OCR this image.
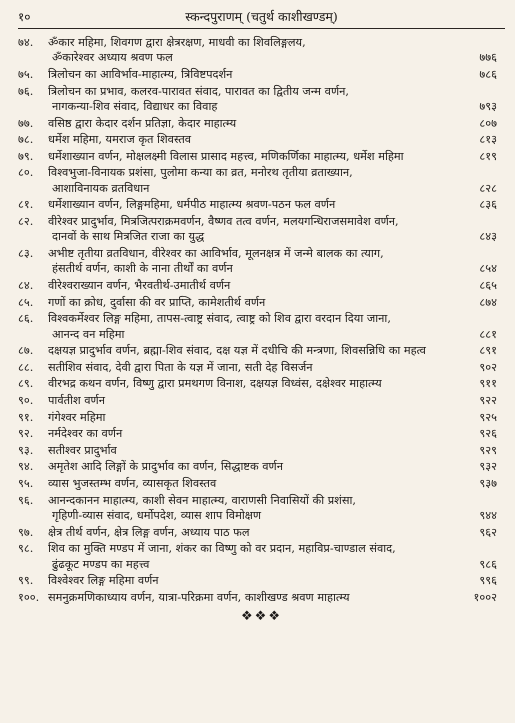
१०	स्कन्दपुराणम् (चतुर्थ काशीखण्डम्)
७४. ॐकार महिमा, शिवगण द्वारा क्षेत्ररक्षण, माधवी का शिवलिङ्गलय,
ॐकारेश्वर अध्याय श्रवण फल	७७६
७५. त्रिलोचन का आविर्भाव-माहात्म्य, त्रिविष्टपदर्शन	७८६
७६. त्रिलोचन का प्रभाव, कलरव-पारावत संवाद, पारावत का द्वितीय जन्म वर्णन,
नागकन्या-शिव संवाद, विद्याधर का विवाह	७९३
७७. वसिष्ठ द्वारा केदार दर्शन प्रतिज्ञा, केदार माहात्म्य	८०७
७८. धर्मेश महिमा, यमराज कृत शिवस्तव	८१३
७९. धर्मेशाख्यान वर्णन, मोक्षलक्ष्मी विलास प्रासाद महत्त्व, मणिकर्णिका माहात्म्य, धर्मेश महिमा	८१९
८०. विश्वभुजा-विनायक प्रशंसा, पुलोमा कन्या का व्रत, मनोरथ तृतीया व्रताख्यान,
आशाविनायक व्रतविधान	८२८
८१. धर्मेशाख्यान वर्णन, लिङ्गमहिमा, धर्मपीठ माहात्म्य श्रवण-पठन फल वर्णन	८३६
८२. वीरेश्वर प्रादुर्भाव, मित्रजित्पराक्रमवर्णन, वैष्णव तत्व वर्णन, मलयगन्धिराजसमावेश वर्णन,
दानवों के साथ मित्रजित राजा का युद्ध	८४३
८३. अभीष्ट तृतीया व्रतविधान, वीरेश्वर का आविर्भाव, मूलनक्षत्र में जन्मे बालक का त्याग,
हंसतीर्थ वर्णन, काशी के नाना तीर्थों का वर्णन	८५४
८४. वीरेश्वराख्यान वर्णन, भैरवतीर्थ-उमातीर्थ वर्णन	८६५
८५. गणों का क्रोध, दुर्वासा की वर प्राप्ति, कामेशतीर्थ वर्णन	८७४
८६. विश्वकर्मेश्वर लिङ्ग महिमा, तापस-त्वाष्ट्र संवाद, त्वाष्ट्र को शिव द्वारा वरदान दिया जाना,
आनन्द वन महिमा	८८१
८७. दक्षयज्ञ प्रादुर्भाव वर्णन, ब्रह्मा-शिव संवाद, दक्ष यज्ञ में दधीचि की मन्त्रणा, शिवसन्निधि का महत्व	८९१
८८. सतीशिव संवाद, देवी द्वारा पिता के यज्ञ में जाना, सती देह विसर्जन	९०२
८९. वीरभद्र कथन वर्णन, विष्णु द्वारा प्रमथगण विनाश, दक्षयज्ञ विध्वंस, दक्षेश्वर माहात्म्य	९११
९०. पार्वतीश वर्णन	९२२
९१. गंगेश्वर महिमा	९२५
९२. नर्मदेश्वर का वर्णन	९२६
९३. सतीश्वर प्रादुर्भाव	९२९
९४. अमृतेश आदि लिङ्गों के प्रादुर्भाव का वर्णन, सिद्धाष्टक वर्णन	९३२
९५. व्यास भुजस्तम्भ वर्णन, व्यासकृत शिवस्तव	९३७
९६. आनन्दकानन माहात्म्य, काशी सेवन माहात्म्य, वाराणसी निवासियों की प्रशंसा,
गृहिणी-व्यास संवाद, धर्मोपदेश, व्यास शाप विमोक्षण	९४४
९७. क्षेत्र तीर्थ वर्णन, क्षेत्र लिङ्ग वर्णन, अध्याय पाठ फल	९६२
९८. शिव का मुक्ति मण्डप में जाना, शंकर का विष्णु को वर प्रदान, महाविप्र-चाण्डाल संवाद,
ढुंढकूट मण्डप का महत्त्व	९८६
९९. विश्वेश्वर लिङ्ग महिमा वर्णन	९९६
१००. समनुक्रमणिकाध्याय वर्णन, यात्रा-परिक्रमा वर्णन, काशीखण्ड श्रवण माहात्म्य	१००२
❖❖❖
